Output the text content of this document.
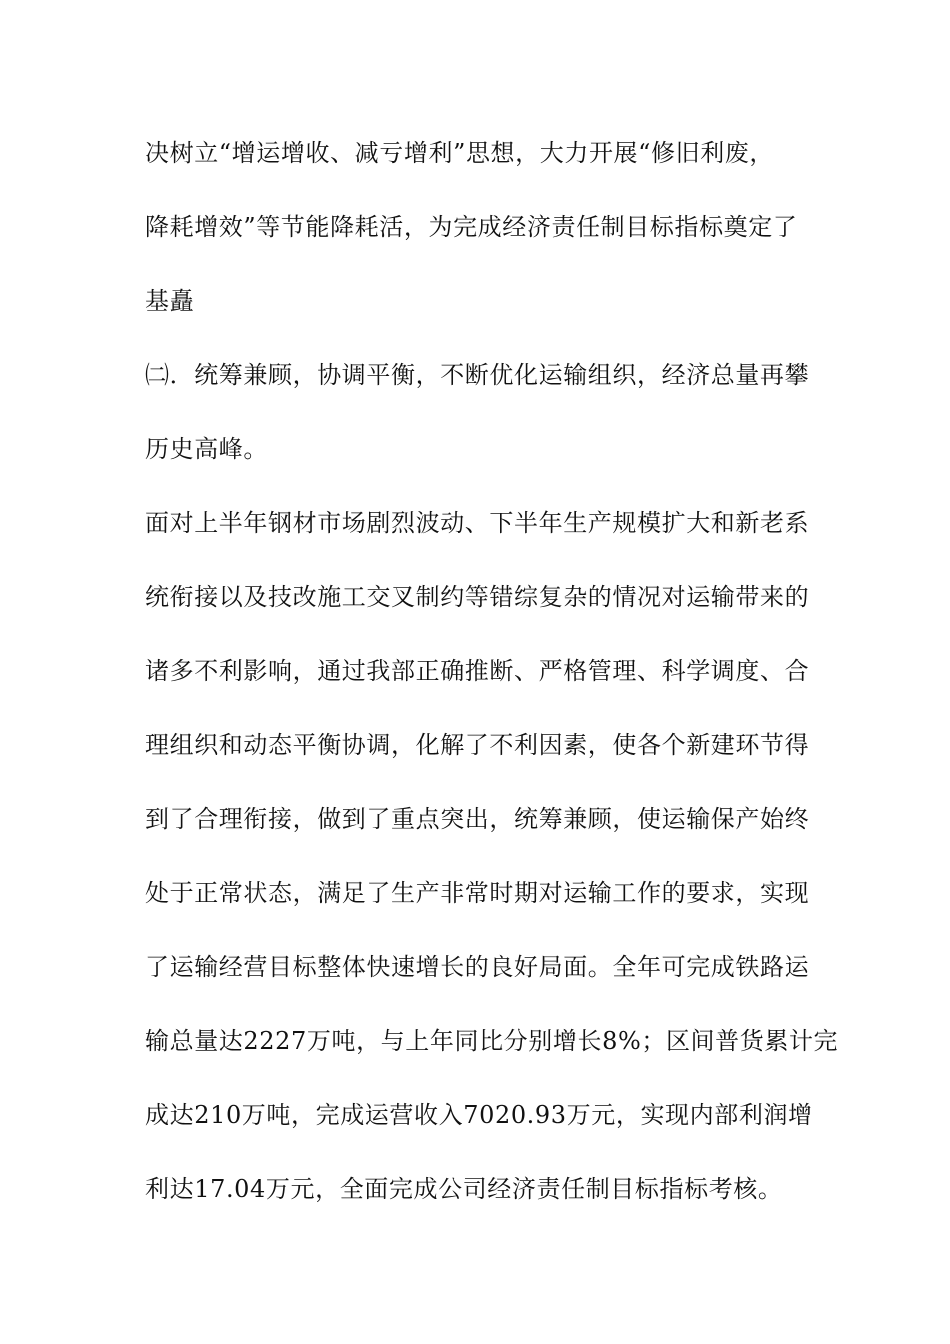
决树立“增运增收、减亏增利”思想，大力开展“修旧利废，
降耗增效”等节能降耗活，为完成经济责任制目标指标奠定了
基矗
㈡．统筹兼顾，协调平衡，不断优化运输组织，经济总量再攀
历史高峰。
面对上半年钢材市场剧烈波动、下半年生产规模扩大和新老系
统衔接以及技改施工交叉制约等错综复杂的情况对运输带来的
诸多不利影响，通过我部正确推断、严格管理、科学调度、合
理组织和动态平衡协调，化解了不利因素，使各个新建环节得
到了合理衔接，做到了重点突出，统筹兼顾，使运输保产始终
处于正常状态，满足了生产非常时期对运输工作的要求，实现
了运输经营目标整体快速增长的良好局面。全年可完成铁路运
输总量达2227万吨，与上年同比分别增长8%；区间普货累计完
成达210万吨，完成运营收入7020.93万元，实现内部利润增
利达17.04万元，全面完成公司经济责任制目标指标考核。
